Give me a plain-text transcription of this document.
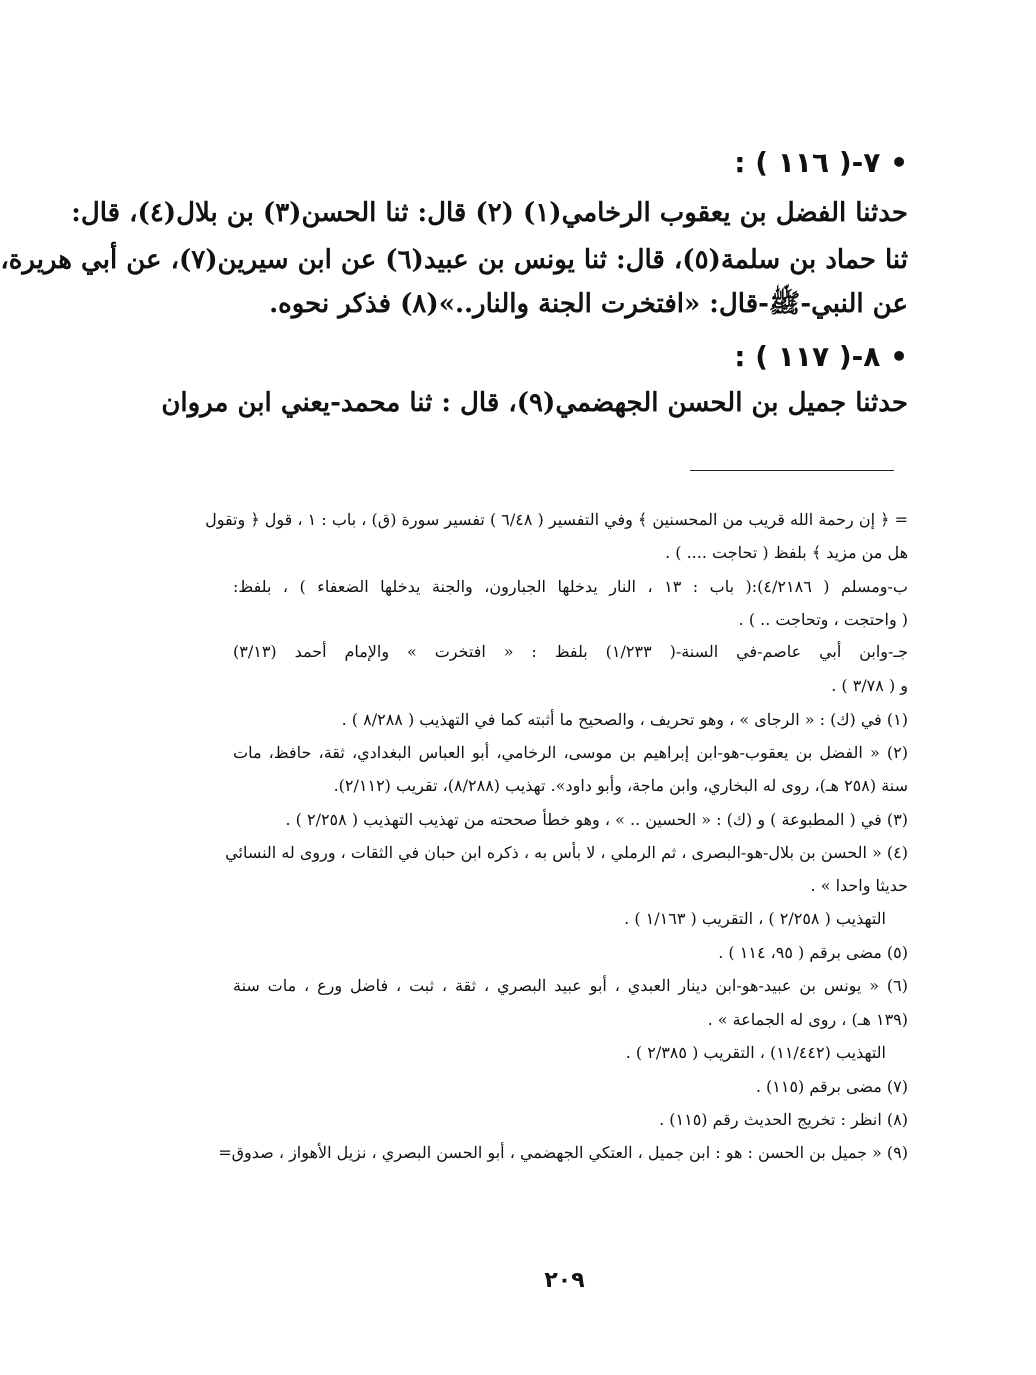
• ٧-( ١١٦ ) :
حدثنا الفضل بن يعقوب الرخامي(١) (٢) قال: ثنا الحسن(٣) بن بلال(٤)، قال:
ثنا حماد بن سلمة(٥)، قال: ثنا يونس بن عبيد(٦) عن ابن سيرين(٧)، عن أبي هريرة،
عن النبي-ﷺ-قال: «افتخرت الجنة والنار..»(٨) فذكر نحوه.
• ٨-( ١١٧ ) :
حدثنا جميل بن الحسن الجهضمي(٩)، قال : ثنا محمد-يعني ابن مروان
= ﴿ إن رحمة الله قريب من المحسنين ﴾ وفي التفسير ( ٦/٤٨ ) تفسير سورة (ق) ، باب : ١ ، قول ﴿ وتقول
هل من مزيد ﴾ بلفظ ( تحاجت .... ) .
ب-ومسلم ( ٤/٢١٨٦):( باب : ١٣ ، النار يدخلها الجبارون، والجنة يدخلها الضعفاء ) ، بلفظ:
( واحتجت ، وتحاجت .. ) .
جـ-وابن أبي عاصم-في السنة-( ١/٢٣٣) بلفظ : « افتخرت » والإمام أحمد (٣/١٣)
و ( ٣/٧٨ ) .
(١) في (ك) : « الرجاى » ، وهو تحريف ، والصحيح ما أثبته كما في التهذيب ( ٨/٢٨٨ ) .
(٢) « الفضل بن يعقوب-هو-ابن إبراهيم بن موسى، الرخامي، أبو العباس البغدادي، ثقة، حافظ، مات
سنة (٢٥٨ هـ)، روى له البخاري، وابن ماجة، وأبو داود». تهذيب (٨/٢٨٨)، تقريب (٢/١١٢).
(٣) في ( المطبوعة ) و (ك) : « الحسين .. » ، وهو خطأ صححته من تهذيب التهذيب ( ٢/٢٥٨ ) .
(٤) « الحسن بن بلال-هو-البصرى ، ثم الرملي ، لا بأس به ، ذكره ابن حبان في الثقات ، وروى له النسائي
حديثا واحدا » .
التهذيب ( ٢/٢٥٨ ) ، التقريب ( ١/١٦٣ ) .
(٥) مضى برقم ( ٩٥، ١١٤ ) .
(٦) « يونس بن عبيد-هو-ابن دينار العبدي ، أبو عبيد البصري ، ثقة ، ثبت ، فاضل ورع ، مات سنة
(١٣٩ هـ) ، روى له الجماعة » .
التهذيب (١١/٤٤٢) ، التقريب ( ٢/٣٨٥ ) .
(٧) مضى برقم (١١٥) .
(٨) انظر : تخريج الحديث رقم (١١٥) .
(٩) « جميل بن الحسن : هو : ابن جميل ، العتكي الجهضمي ، أبو الحسن البصري ، نزيل الأهواز ، صدوق=
٢٠٩
